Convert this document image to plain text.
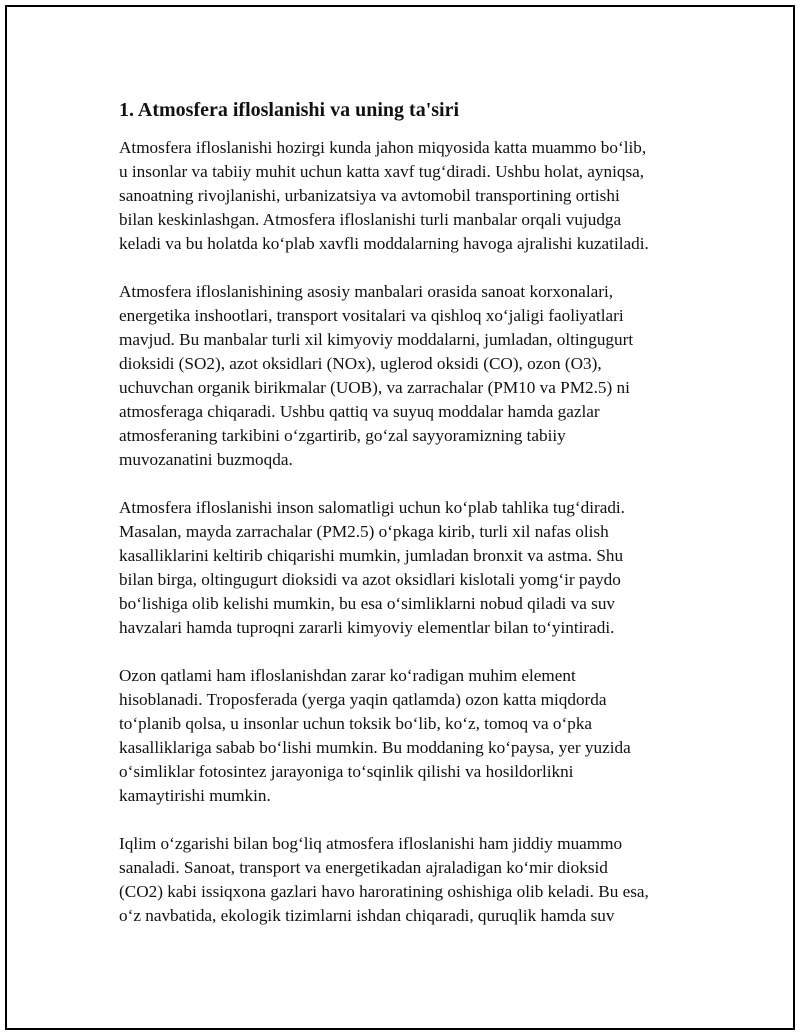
1. Atmosfera ifloslanishi va uning ta'siri

Atmosfera ifloslanishi hozirgi kunda jahon miqyosida katta muammo bo‘lib,
u insonlar va tabiiy muhit uchun katta xavf tug‘diradi. Ushbu holat, ayniqsa,
sanoatning rivojlanishi, urbanizatsiya va avtomobil transportining ortishi
bilan keskinlashgan. Atmosfera ifloslanishi turli manbalar orqali vujudga
keladi va bu holatda ko‘plab xavfli moddalarning havoga ajralishi kuzatiladi.

Atmosfera ifloslanishining asosiy manbalari orasida sanoat korxonalari,
energetika inshootlari, transport vositalari va qishloq xo‘jaligi faoliyatlari
mavjud. Bu manbalar turli xil kimyoviy moddalarni, jumladan, oltingugurt
dioksidi (SO2), azot oksidlari (NOx), uglerod oksidi (CO), ozon (O3),
uchuvchan organik birikmalar (UOB), va zarrachalar (PM10 va PM2.5) ni
atmosferaga chiqaradi. Ushbu qattiq va suyuq moddalar hamda gazlar
atmosferaning tarkibini o‘zgartirib, go‘zal sayyoramizning tabiiy
muvozanatini buzmoqda.

Atmosfera ifloslanishi inson salomatligi uchun ko‘plab tahlika tug‘diradi.
Masalan, mayda zarrachalar (PM2.5) o‘pkaga kirib, turli xil nafas olish
kasalliklarini keltirib chiqarishi mumkin, jumladan bronxit va astma. Shu
bilan birga, oltingugurt dioksidi va azot oksidlari kislotali yomg‘ir paydo
bo‘lishiga olib kelishi mumkin, bu esa o‘simliklarni nobud qiladi va suv
havzalari hamda tuproqni zararli kimyoviy elementlar bilan to‘yintiradi.

Ozon qatlami ham ifloslanishdan zarar ko‘radigan muhim element
hisoblanadi. Troposferada (yerga yaqin qatlamda) ozon katta miqdorda
to‘planib qolsa, u insonlar uchun toksik bo‘lib, ko‘z, tomoq va o‘pka
kasalliklariga sabab bo‘lishi mumkin. Bu moddaning ko‘paysa, yer yuzida
o‘simliklar fotosintez jarayoniga to‘sqinlik qilishi va hosildorlikni
kamaytirishi mumkin.

Iqlim o‘zgarishi bilan bog‘liq atmosfera ifloslanishi ham jiddiy muammo
sanaladi. Sanoat, transport va energetikadan ajraladigan ko‘mir dioksid
(CO2) kabi issiqxona gazlari havo haroratining oshishiga olib keladi. Bu esa,
o‘z navbatida, ekologik tizimlarni ishdan chiqaradi, quruqlik hamda suv
